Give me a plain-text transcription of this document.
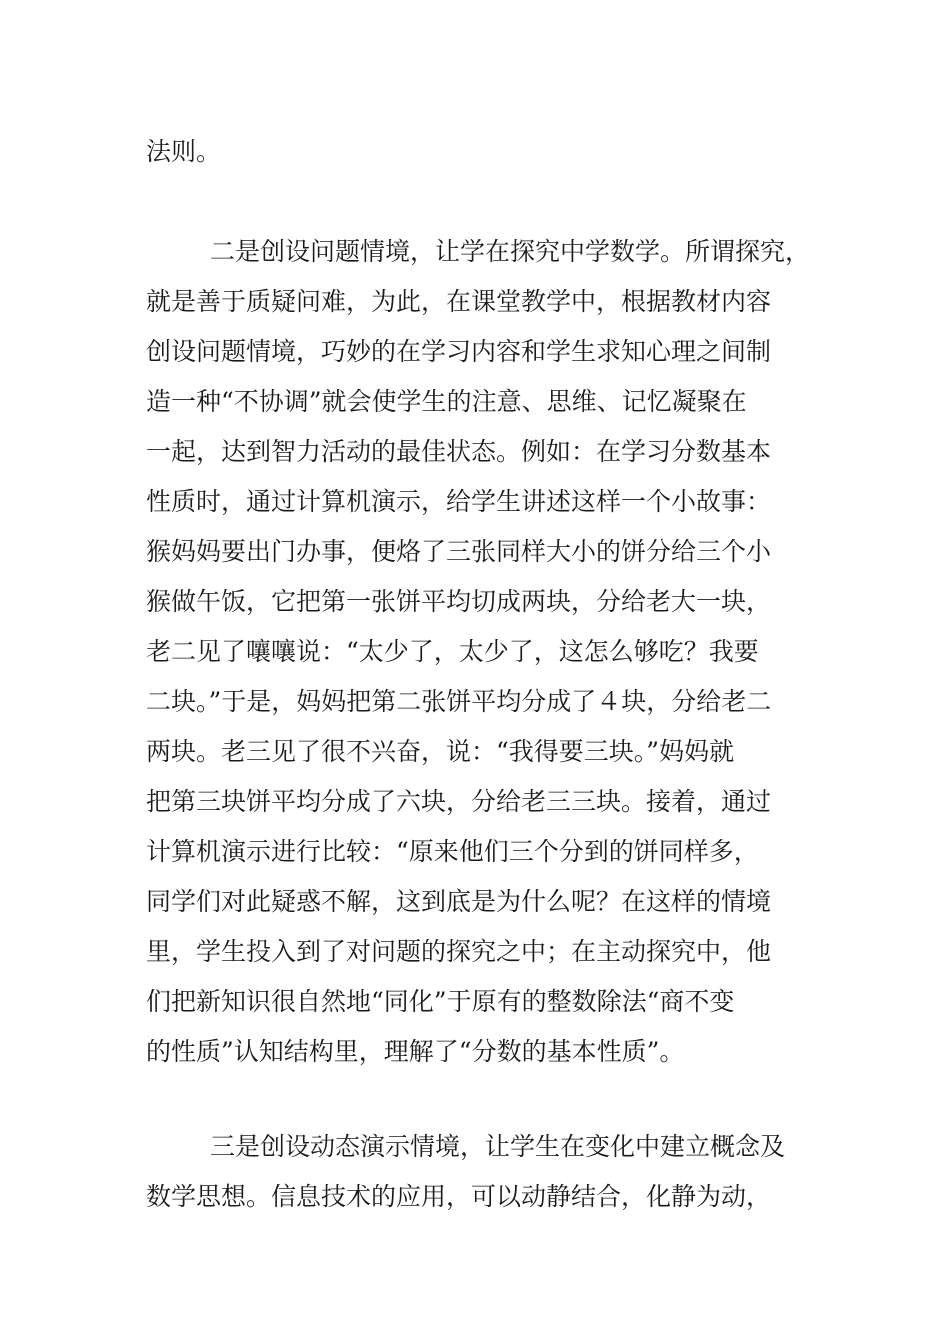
法则。

二是创设问题情境，让学在探究中学数学。所谓探究，

就是善于质疑问难，为此，在课堂教学中，根据教材内容

创设问题情境，巧妙的在学习内容和学生求知心理之间制

造一种“不协调”就会使学生的注意、思维、记忆凝聚在

一起，达到智力活动的最佳状态。例如：在学习分数基本

性质时，通过计算机演示，给学生讲述这样一个小故事：

猴妈妈要出门办事，便烙了三张同样大小的饼分给三个小

猴做午饭，它把第一张饼平均切成两块，分给老大一块，

老二见了嚷嚷说：“太少了，太少了，这怎么够吃？我要

二块。”于是，妈妈把第二张饼平均分成了４块，分给老二

两块。老三见了很不兴奋，说：“我得要三块。”妈妈就

把第三块饼平均分成了六块，分给老三三块。接着，通过

计算机演示进行比较：“原来他们三个分到的饼同样多，

同学们对此疑惑不解，这到底是为什么呢？在这样的情境

里，学生投入到了对问题的探究之中；在主动探究中，他

们把新知识很自然地“同化”于原有的整数除法“商不变

的性质”认知结构里，理解了“分数的基本性质”。

三是创设动态演示情境，让学生在变化中建立概念及

数学思想。信息技术的应用，可以动静结合，化静为动，
